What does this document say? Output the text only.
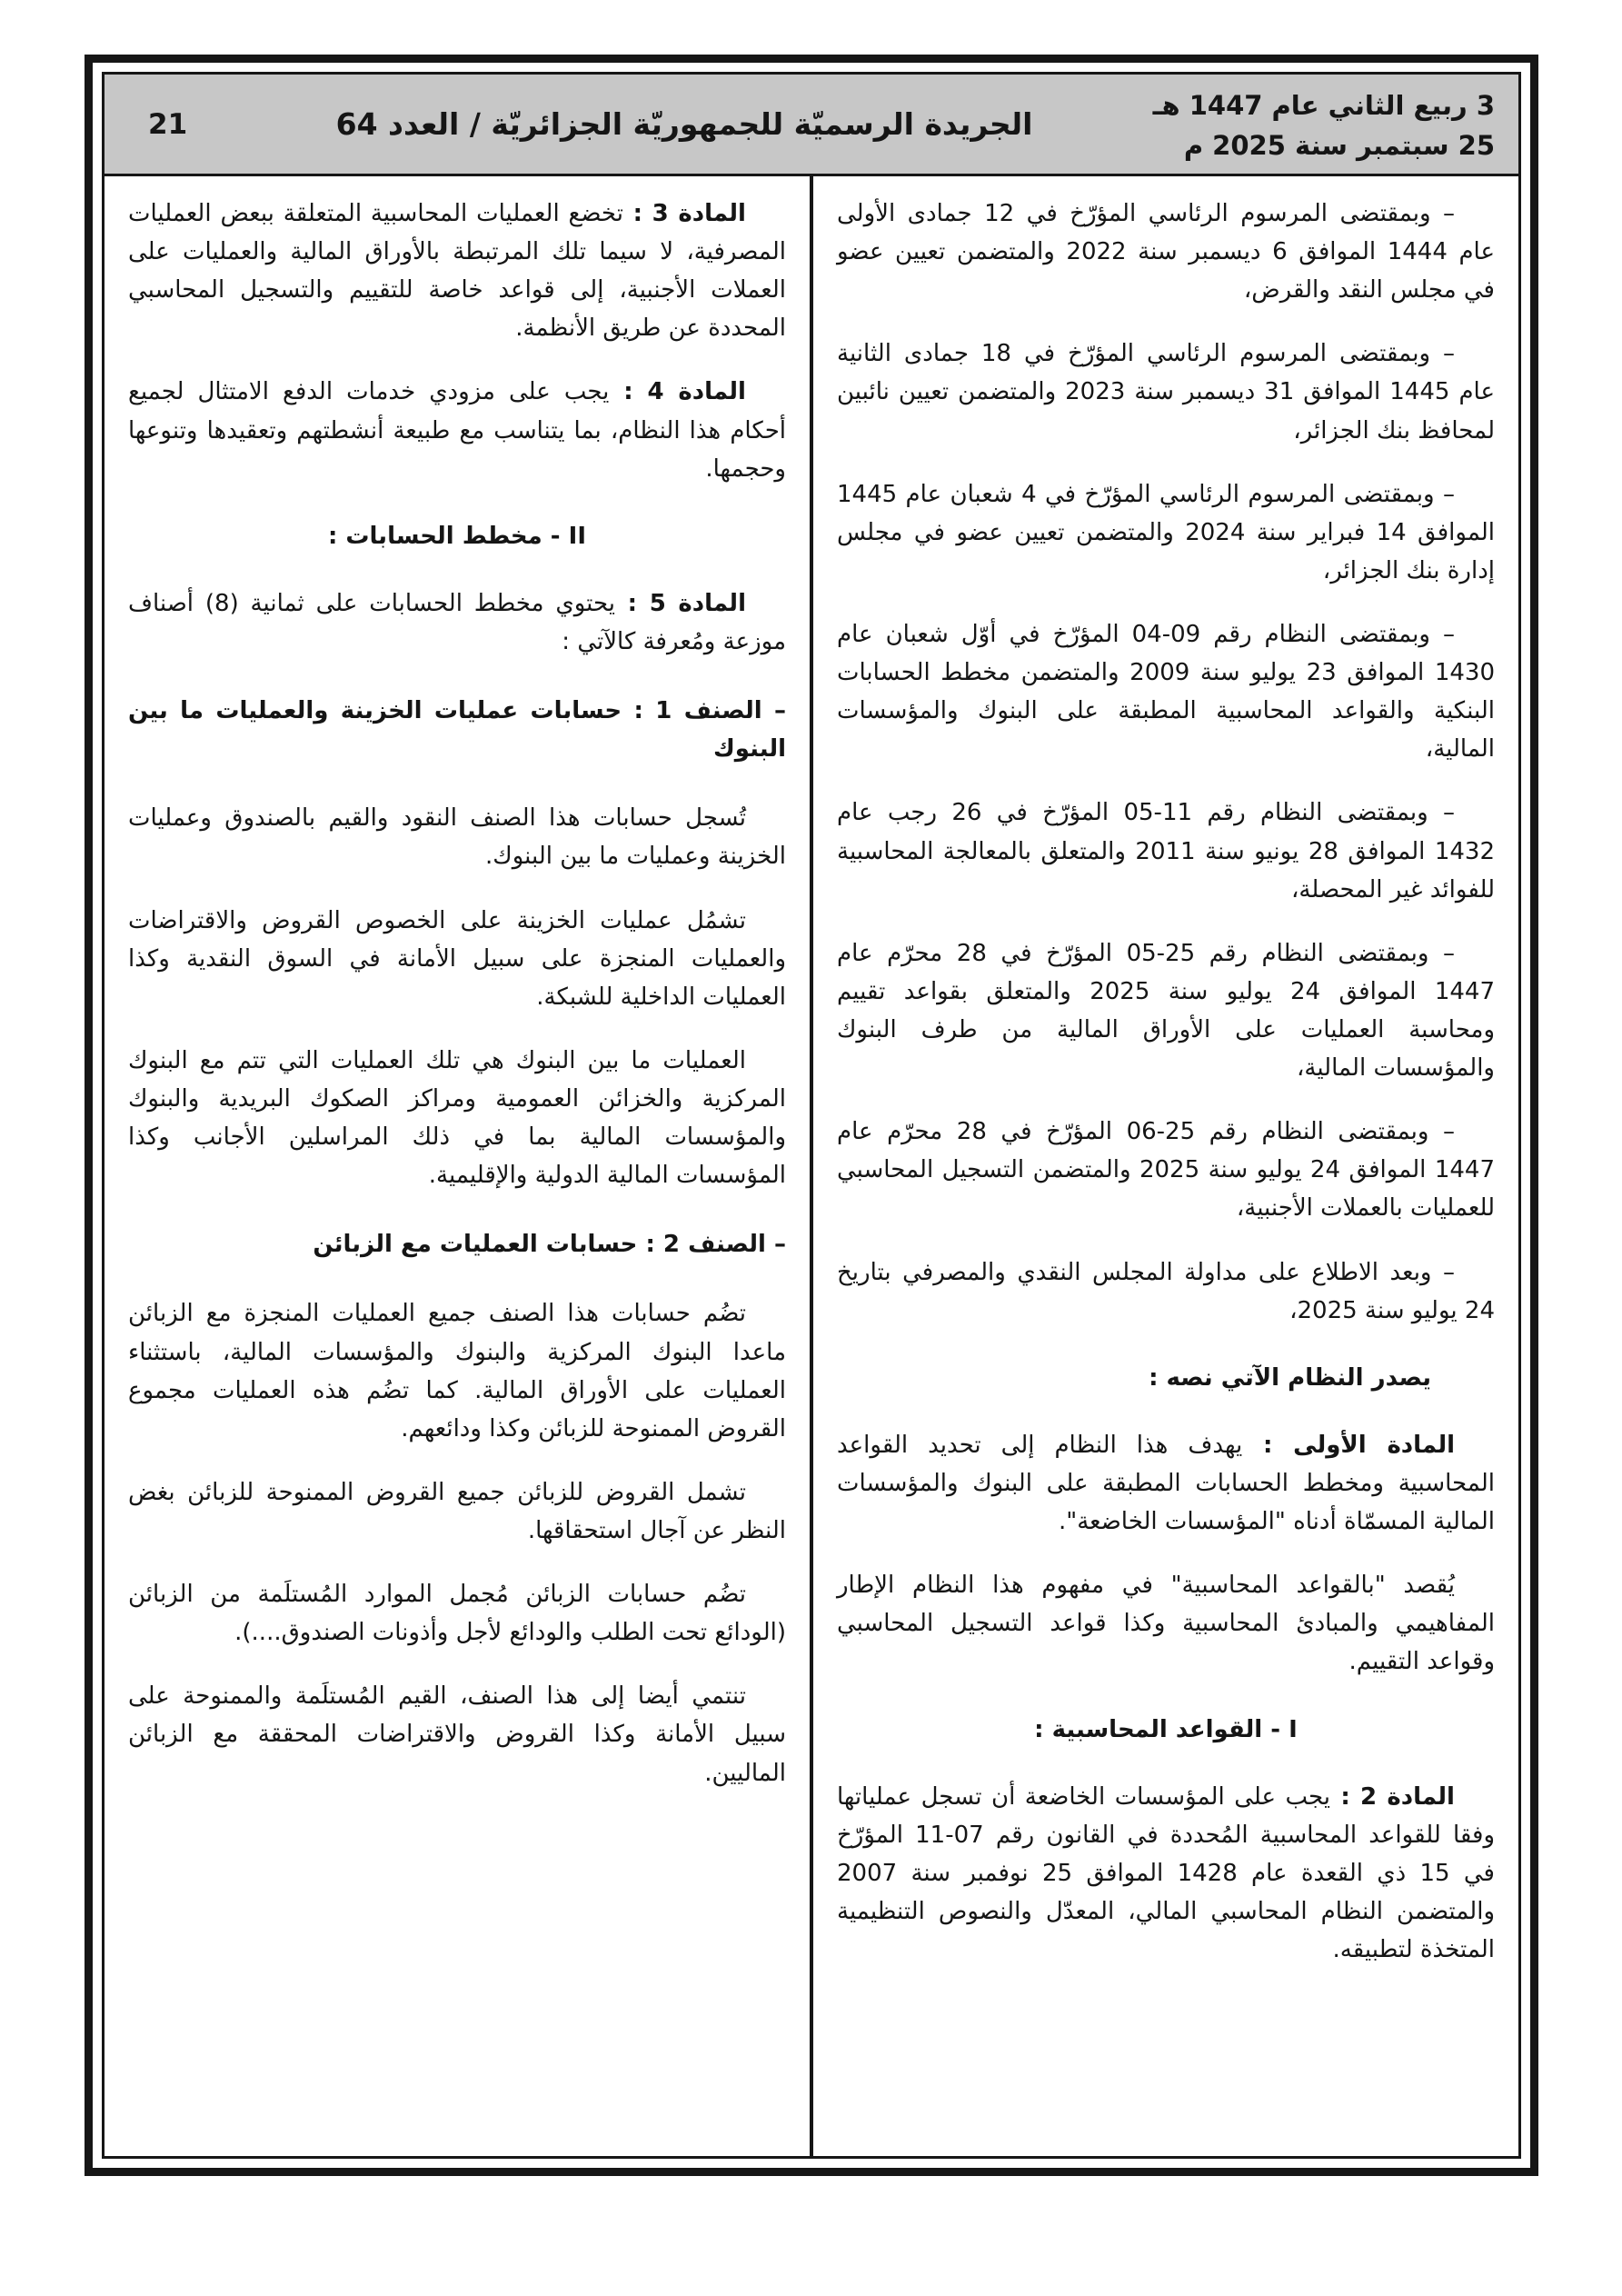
3 ربيع الثاني عام 1447 هـ
25 سبتمبر سنة 2025 م
الجريدة الرسميّة للجمهوريّة الجزائريّة / العدد 64
21

– وبمقتضى المرسوم الرئاسي المؤرّخ في 12 جمادى الأولى عام 1444 الموافق 6 ديسمبر سنة 2022 والمتضمن تعيين عضو في مجلس النقد والقرض،

– وبمقتضى المرسوم الرئاسي المؤرّخ في 18 جمادى الثانية عام 1445 الموافق 31 ديسمبر سنة 2023 والمتضمن تعيين نائبين لمحافظ بنك الجزائر،

– وبمقتضى المرسوم الرئاسي المؤرّخ في 4 شعبان عام 1445 الموافق 14 فبراير سنة 2024 والمتضمن تعيين عضو في مجلس إدارة بنك الجزائر،

– وبمقتضى النظام رقم 09-04 المؤرّخ في أوّل شعبان عام 1430 الموافق 23 يوليو سنة 2009 والمتضمن مخطط الحسابات البنكية والقواعد المحاسبية المطبقة على البنوك والمؤسسات المالية،

– وبمقتضى النظام رقم 11-05 المؤرّخ في 26 رجب عام 1432 الموافق 28 يونيو سنة 2011 والمتعلق بالمعالجة المحاسبية للفوائد غير المحصلة،

– وبمقتضى النظام رقم 25-05 المؤرّخ في 28 محرّم عام 1447 الموافق 24 يوليو سنة 2025 والمتعلق بقواعد تقييم ومحاسبة العمليات على الأوراق المالية من طرف البنوك والمؤسسات المالية،

– وبمقتضى النظام رقم 25-06 المؤرّخ في 28 محرّم عام 1447 الموافق 24 يوليو سنة 2025 والمتضمن التسجيل المحاسبي للعمليات بالعملات الأجنبية،

– وبعد الاطلاع على مداولة المجلس النقدي والمصرفي بتاريخ 24 يوليو سنة 2025،

يصدر النظام الآتي نصه :

المادة الأولى : يهدف هذا النظام إلى تحديد القواعد المحاسبية ومخطط الحسابات المطبقة على البنوك والمؤسسات المالية المسمّاة أدناه "المؤسسات الخاضعة".

يُقصد "بالقواعد المحاسبية" في مفهوم هذا النظام الإطار المفاهيمي والمبادئ المحاسبية وكذا قواعد التسجيل المحاسبي وقواعد التقييم.

I - القواعد المحاسبية :

المادة 2 : يجب على المؤسسات الخاضعة أن تسجل عملياتها وفقا للقواعد المحاسبية المُحددة في القانون رقم 07-11 المؤرّخ في 15 ذي القعدة عام 1428 الموافق 25 نوفمبر سنة 2007 والمتضمن النظام المحاسبي المالي، المعدّل والنصوص التنظيمية المتخذة لتطبيقه.

المادة 3 : تخضع العمليات المحاسبية المتعلقة ببعض العمليات المصرفية، لا سيما تلك المرتبطة بالأوراق المالية والعمليات على العملات الأجنبية، إلى قواعد خاصة للتقييم والتسجيل المحاسبي المحددة عن طريق الأنظمة.

المادة 4 : يجب على مزودي خدمات الدفع الامتثال لجميع أحكام هذا النظام، بما يتناسب مع طبيعة أنشطتهم وتعقيدها وتنوعها وحجمها.

II - مخطط الحسابات :

المادة 5 : يحتوي مخطط الحسابات على ثمانية (8) أصناف موزعة ومُعرفة كالآتي :

– الصنف 1 : حسابات عمليات الخزينة والعمليات ما بين البنوك

تُسجل حسابات هذا الصنف النقود والقيم بالصندوق وعمليات الخزينة وعمليات ما بين البنوك.

تشمُل عمليات الخزينة على الخصوص القروض والاقتراضات والعمليات المنجزة على سبيل الأمانة في السوق النقدية وكذا العمليات الداخلية للشبكة.

العمليات ما بين البنوك هي تلك العمليات التي تتم مع البنوك المركزية والخزائن العمومية ومراكز الصكوك البريدية والبنوك والمؤسسات المالية بما في ذلك المراسلين الأجانب وكذا المؤسسات المالية الدولية والإقليمية.

– الصنف 2 : حسابات العمليات مع الزبائن

تضُم حسابات هذا الصنف جميع العمليات المنجزة مع الزبائن ماعدا البنوك المركزية والبنوك والمؤسسات المالية، باستثناء العمليات على الأوراق المالية. كما تضُم هذه العمليات مجموع القروض الممنوحة للزبائن وكذا ودائعهم.

تشمل القروض للزبائن جميع القروض الممنوحة للزبائن بغض النظر عن آجال استحقاقها.

تضُم حسابات الزبائن مُجمل الموارد المُستلَمة من الزبائن (الودائع تحت الطلب والودائع لأجل وأذونات الصندوق....).

تنتمي أيضا إلى هذا الصنف، القيم المُستلَمة والممنوحة على سبيل الأمانة وكذا القروض والاقتراضات المحققة مع الزبائن الماليين.
